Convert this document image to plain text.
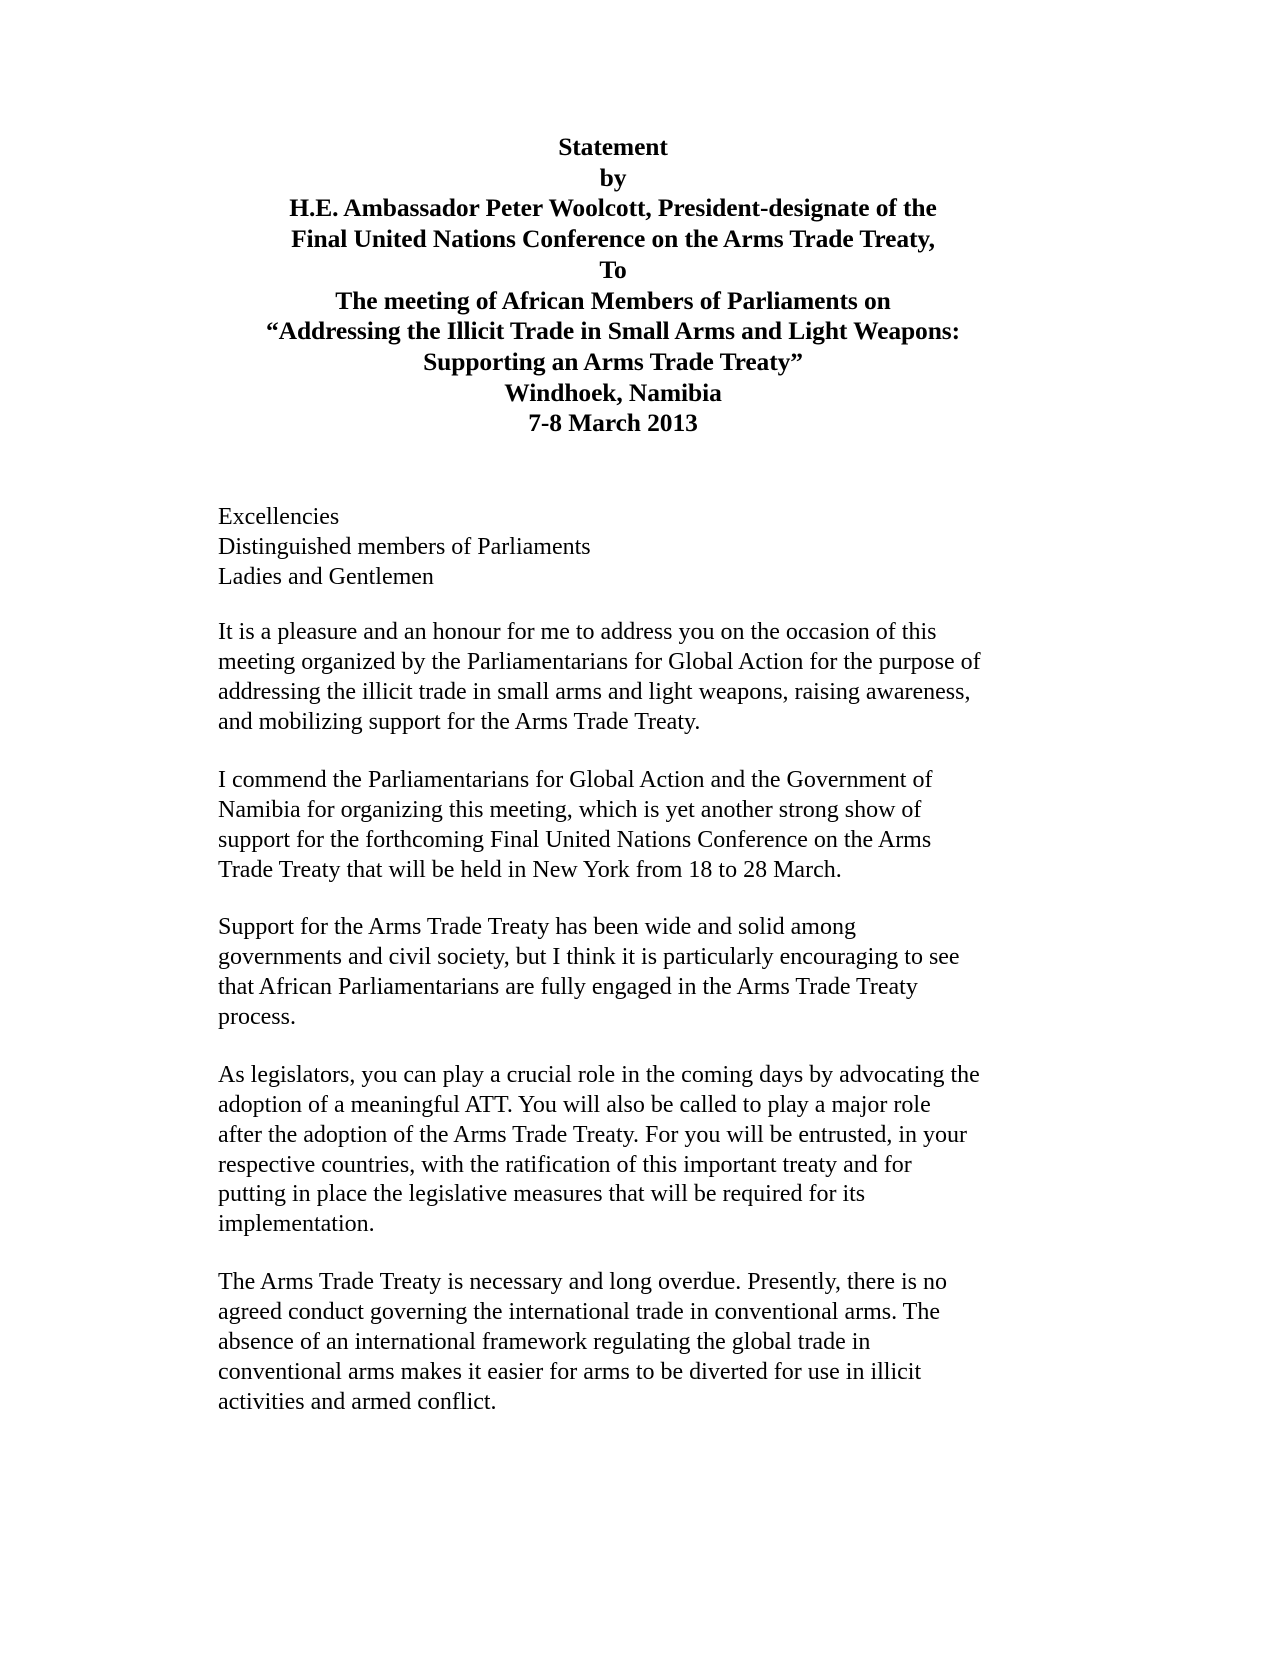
Statement
by
H.E. Ambassador Peter Woolcott, President-designate of the
Final United Nations Conference on the Arms Trade Treaty,
To
The meeting of African Members of Parliaments on
“Addressing the Illicit Trade in Small Arms and Light Weapons:
Supporting an Arms Trade Treaty”
Windhoek, Namibia
7-8 March 2013
Excellencies
Distinguished members of Parliaments
Ladies and Gentlemen

It is a pleasure and an honour for me to address you on the occasion of this
meeting organized by the Parliamentarians for Global Action for the purpose of
addressing the illicit trade in small arms and light weapons, raising awareness,
and mobilizing support for the Arms Trade Treaty.

I commend the Parliamentarians for Global Action and the Government of
Namibia for organizing this meeting, which is yet another strong show of
support for the forthcoming Final United Nations Conference on the Arms
Trade Treaty that will be held in New York from 18 to 28 March.

Support for the Arms Trade Treaty has been wide and solid among
governments and civil society, but I think it is particularly encouraging to see
that African Parliamentarians are fully engaged in the Arms Trade Treaty
process.

As legislators, you can play a crucial role in the coming days by advocating the
adoption of a meaningful ATT. You will also be called to play a major role
after the adoption of the Arms Trade Treaty. For you will be entrusted, in your
respective countries, with the ratification of this important treaty and for
putting in place the legislative measures that will be required for its
implementation.

The Arms Trade Treaty is necessary and long overdue. Presently, there is no
agreed conduct governing the international trade in conventional arms. The
absence of an international framework regulating the global trade in
conventional arms makes it easier for arms to be diverted for use in illicit
activities and armed conflict.
